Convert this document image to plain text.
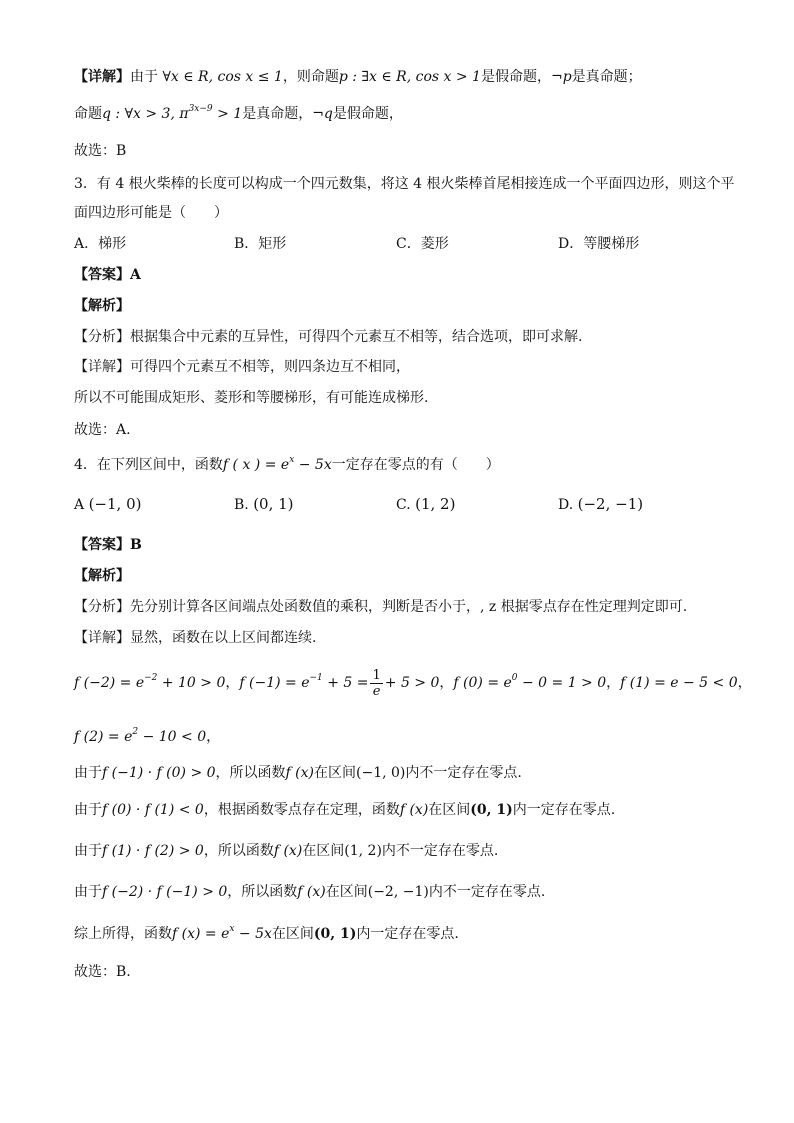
【详解】由于 ∀x ∈ R, cos x ≤ 1，则命题p : ∃x ∈ R, cos x > 1是假命题，¬p是真命题；
命题q : ∀x > 3, $\pi^{3x-9} > 1$是真命题，¬q是假命题，
故选：B
3．有 4 根火柴棒的长度可以构成一个四元数集，将这 4 根火柴棒首尾相接连成一个平面四边形，则这个平
面四边形可能是（　　）
A．梯形	B．矩形	C．菱形	D．等腰梯形
【答案】A
【解析】
【分析】根据集合中元素的互异性，可得四个元素互不相等，结合选项，即可求解.
【详解】可得四个元素互不相等，则四条边互不相同，
所以不可能围成矩形、菱形和等腰梯形，有可能连成梯形.
故选：A.
4．在下列区间中，函数f ( x ) = $e^x - 5x$一定存在零点的有（　　）
A (−1, 0)	B. (0, 1)	C. (1, 2)	D. (−2, −1)
【答案】B
【解析】
【分析】先分别计算各区间端点处函数值的乘积，判断是否小于，, z 根据零点存在性定理判定即可.
【详解】显然，函数在以上区间都连续.
f $(-2) = e^{-2} + 10 > 0$，f $(-1) = e^{-1} + 5 = \frac{1}{e} + 5 > 0$，f $(0) = e^0 - 0 = 1 > 0$，f (1) = e − 5 < 0，
f $(2) = e^2 - 10 < 0$，
由于f (−1) · f (0) > 0，所以函数f (x)在区间(−1, 0)内不一定存在零点.
由于f (0) · f (1) < 0，根据函数零点存在定理，函数f (x)在区间(0, 1)内一定存在零点.
由于f (1) · f (2) > 0，所以函数f (x)在区间(1, 2)内不一定存在零点.
由于f (−2) · f (−1) > 0，所以函数f (x)在区间(−2, −1)内不一定存在零点.
综上所得，函数f $(x) = e^x - 5x$在区间(0, 1)内一定存在零点.
故选：B.
